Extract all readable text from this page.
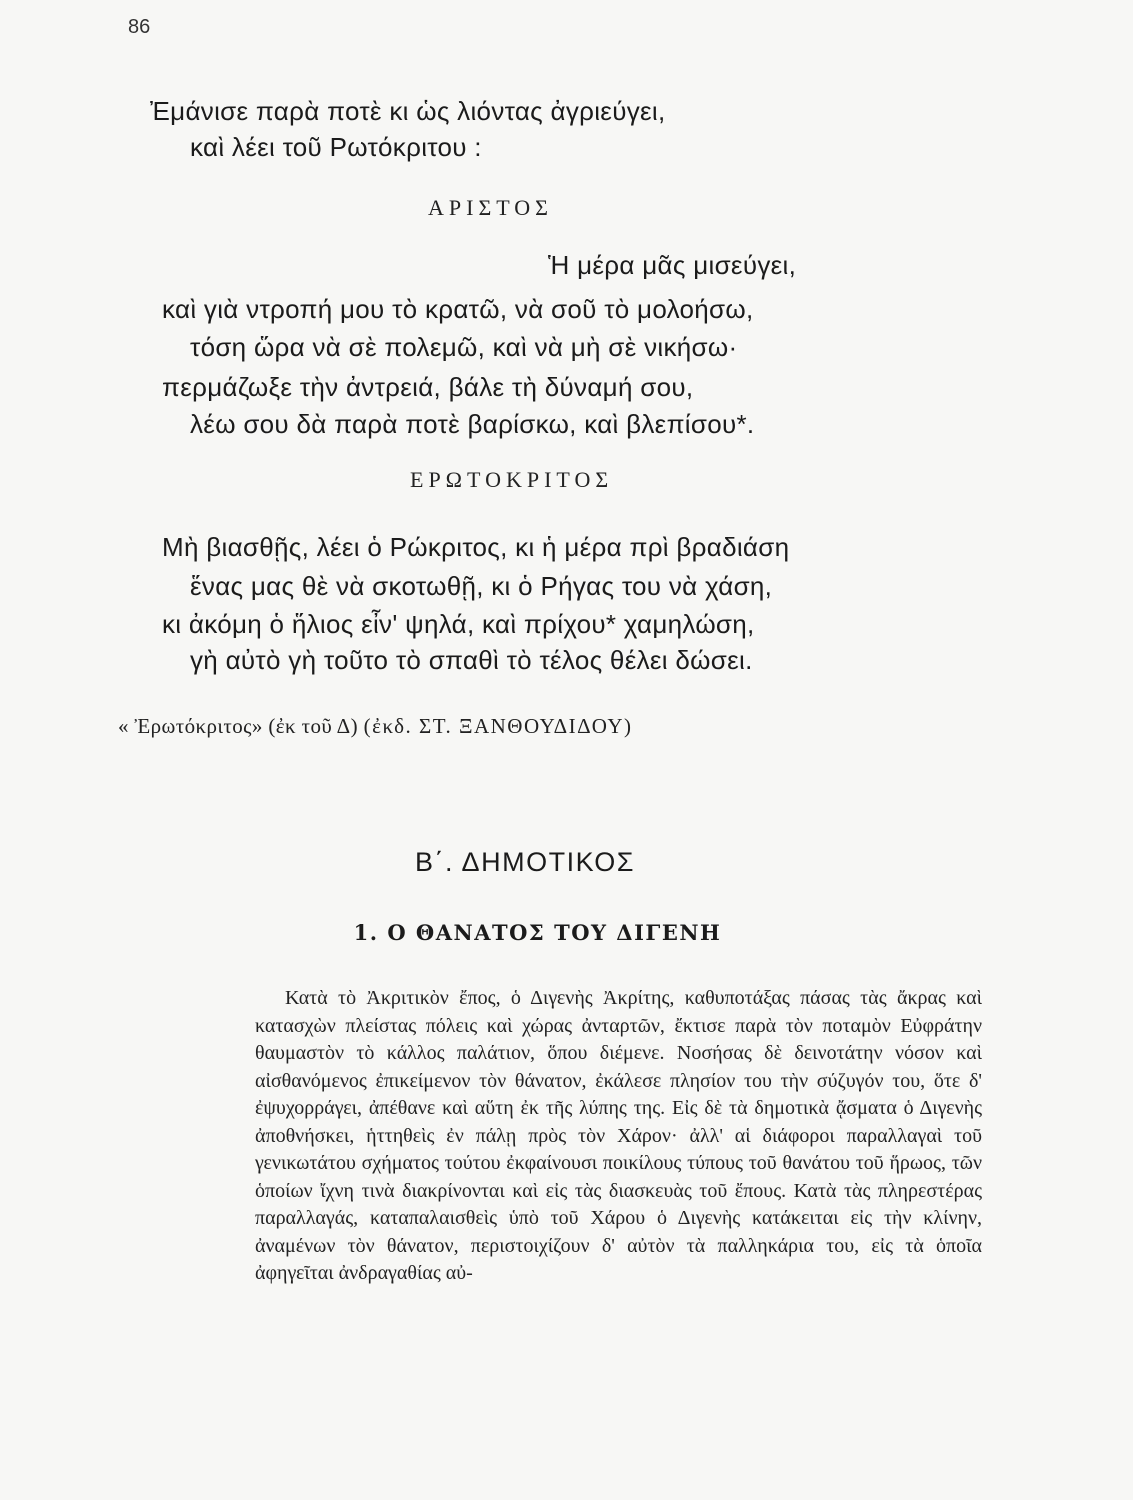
86
Ἐμάνισε παρὰ ποτὲ κι ὡς λιόντας ἀγριεύγει,
καὶ λέει τοῦ Ρωτόκριτου :
ΑΡΙΣΤΟΣ
Ἡ μέρα μᾶς μισεύγει,
καὶ γιὰ ντροπή μου τὸ κρατῶ, νὰ σοῦ τὸ μολοήσω,
τόση ὥρα νὰ σὲ πολεμῶ, καὶ νὰ μὴ σὲ νικήσω·
περμάζωξε τὴν ἀντρειά, βάλε τὴ δύναμή σου,
λέω σου δὰ παρὰ ποτὲ βαρίσκω, καὶ βλεπίσου*.
ΕΡΩΤΟΚΡΙΤΟΣ
Μὴ βιασθῇς, λέει ὁ Ρώκριτος, κι ἡ μέρα πρὶ βραδιάση
ἕνας μας θὲ νὰ σκοτωθῇ, κι ὁ Ρήγας του νὰ χάση,
κι ἀκόμη ὁ ἥλιος εἶν' ψηλά, καὶ πρίχου* χαμηλώση,
γὴ αὐτὸ γὴ τοῦτο τὸ σπαθὶ τὸ τέλος θέλει δώσει.
« Ἐρωτόκριτος» (ἐκ τοῦ Δ) (ἐκδ. ΣΤ. ΞΑΝΘΟΥΔΙΔΟΥ)
Β΄. ΔΗΜΟΤΙΚΟΣ
1. Ο ΘΑΝΑΤΟΣ ΤΟΥ ΔΙΓΕΝΗ

Κατὰ τὸ Ἀκριτικὸν ἔπος, ὁ Διγενὴς Ἀκρίτης, καθυποτάξας πάσας τὰς ἄκρας καὶ κατασχὼν πλείστας πόλεις καὶ χώρας ἀνταρτῶν, ἔκτισε παρὰ τὸν ποταμὸν Εὐφράτην θαυμαστὸν τὸ κάλλος παλάτιον, ὅπου διέμενε. Νοσήσας δὲ δεινοτάτην νόσον καὶ αἰσθανόμενος ἐπικείμενον τὸν θάνατον, ἐκάλεσε πλησίον του τὴν σύζυγόν του, ὅτε δ' ἐψυχορράγει, ἀπέθανε καὶ αὕτη ἐκ τῆς λύπης της. Εἰς δὲ τὰ δημοτικὰ ᾄσματα ὁ Διγενὴς ἀποθνήσκει, ἡττηθεὶς ἐν πάλῃ πρὸς τὸν Χάρον· ἀλλ' αἱ διάφοροι παραλλαγαὶ τοῦ γενικωτάτου σχήματος τούτου ἐκφαίνουσι ποικίλους τύπους τοῦ θανάτου τοῦ ἥρωος, τῶν ὁποίων ἴχνη τινὰ διακρίνονται καὶ εἰς τὰς διασκευὰς τοῦ ἔπους. Κατὰ τὰς πληρεστέρας παραλλαγάς, καταπαλαισθεὶς ὑπὸ τοῦ Χάρου ὁ Διγενὴς κατάκειται εἰς τὴν κλίνην, ἀναμένων τὸν θάνατον, περιστοιχίζουν δ' αὐτὸν τὰ παλληκάρια του, εἰς τὰ ὁποῖα ἀφηγεῖται ἀνδραγαθίας αὐ-
